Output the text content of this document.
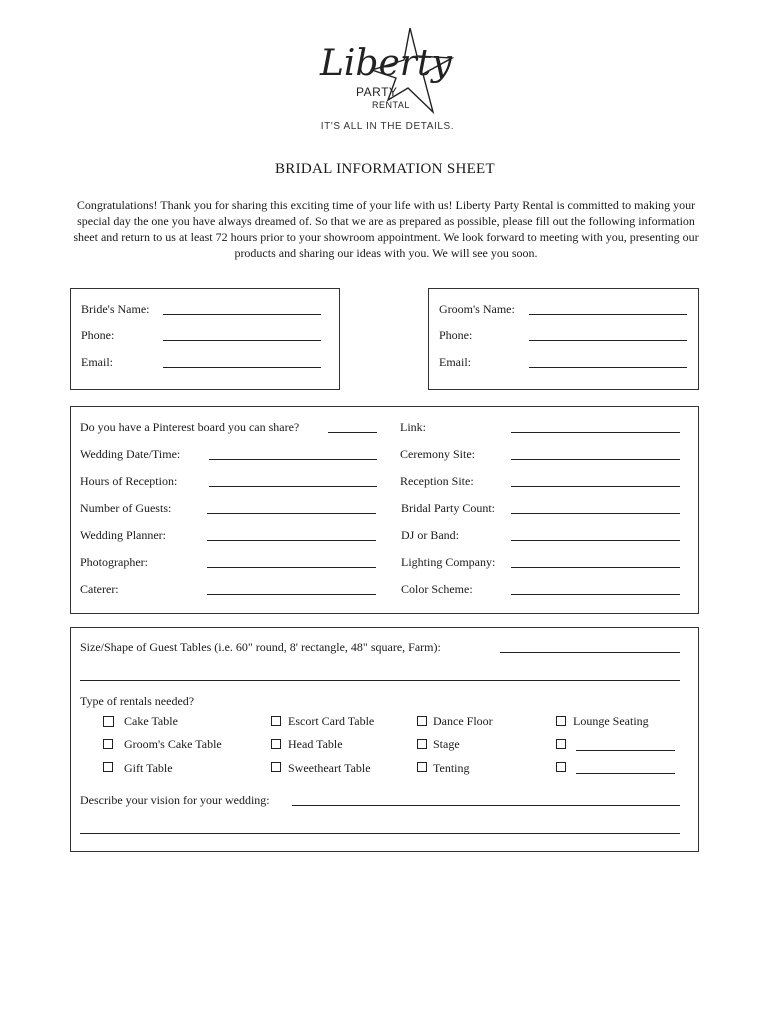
Liberty
PARTY
RENTAL
IT'S ALL IN THE DETAILS.
BRIDAL INFORMATION SHEET
Congratulations! Thank you for sharing this exciting time of your life with us! Liberty Party Rental is committed to making your special day the one you have always dreamed of. So that we are as prepared as possible, please fill out the following information sheet and return to us at least 72 hours prior to your showroom appointment. We look forward to meeting with you, presenting our products and sharing our ideas with you. We will see you soon.
Bride's Name:
Phone:
Email:
Groom's Name:
Phone:
Email:
Do you have a Pinterest board you can share?	Link:
Wedding Date/Time:	Ceremony Site:
Hours of Reception:	Reception Site:
Number of Guests:	Bridal Party Count:
Wedding Planner:	DJ or Band:
Photographer:	Lighting Company:
Caterer:	Color Scheme:
Size/Shape of Guest Tables (i.e. 60" round, 8' rectangle, 48" square, Farm):
Type of rentals needed?
Cake Table	Escort Card Table	Dance Floor	Lounge Seating
Groom's Cake Table	Head Table	Stage
Gift Table	Sweetheart Table	Tenting
Describe your vision for your wedding:
